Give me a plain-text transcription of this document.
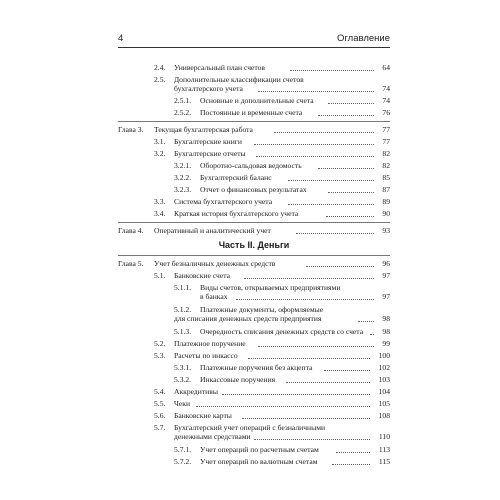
4	Оглавление
Часть II. Деньги
2.4. Универсальный план счетов	64
2.5. Дополнительные классификации счетов
бухгалтерского учета	74
2.5.1. Основные и дополнительные счета	74
2.5.2. Постоянные и временные счета	76
Глава 3. Текущая бухгалтерская работа	77
3.1. Бухгалтерские книги	77
3.2. Бухгалтерские отчеты	82
3.2.1. Оборотно-сальдовая ведомость	82
3.2.2. Бухгалтерский баланс	85
3.2.3. Отчет о финансовых результатах	87
3.3. Система бухгалтерского учета	89
3.4. Краткая история бухгалтерского учета	90
Глава 4. Оперативный и аналитический учет	93
Глава 5. Учет безналичных денежных средств	96
5.1. Банковские счета	97
5.1.1. Виды счетов, открываемых предприятиями
в банках	97
5.1.2. Платежные документы, оформляемые
для списания денежных средств предприятия	98
5.1.3. Очередность списания денежных средств со счета	98
5.2. Платежное поручение	99
5.3. Расчеты по инкассо	100
5.3.1. Платежные поручения без акцепта	102
5.3.2. Инкассовые поручения	103
5.4. Аккредитивы	104
5.5. Чеки	105
5.6. Банковские карты	108
5.7. Бухгалтерский учет операций с безналичными
денежными средствами	110
5.7.1. Учет операций по расчетным счетам	113
5.7.2. Учет операций по валютным счетам	115
